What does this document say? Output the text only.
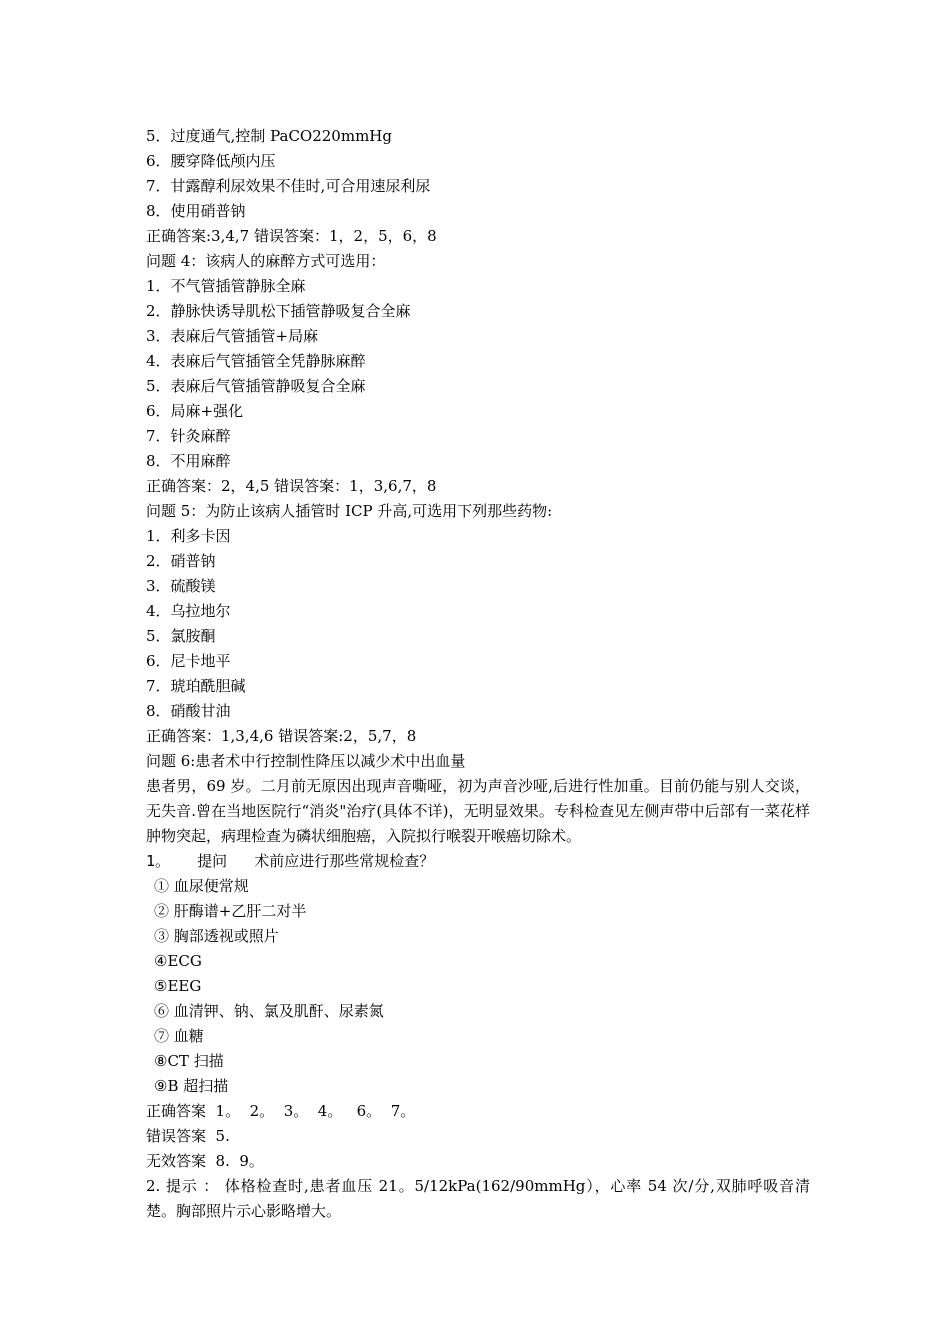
5．过度通气,控制 PaCO220mmHg
6．腰穿降低颅内压
7．甘露醇利尿效果不佳时,可合用速尿利尿
8．使用硝普钠
正确答案:3,4,7 错误答案：1，2，5，6，8
问题 4：该病人的麻醉方式可选用：
1．不气管插管静脉全麻
2．静脉快诱导肌松下插管静吸复合全麻
3．表麻后气管插管+局麻
4．表麻后气管插管全凭静脉麻醉
5．表麻后气管插管静吸复合全麻
6．局麻+强化
7．针灸麻醉
8．不用麻醉
正确答案：2，4,5 错误答案：1，3,6,7，8
问题 5：为防止该病人插管时 ICP 升高,可选用下列那些药物:
1．利多卡因
2．硝普钠
3．硫酸镁
4．乌拉地尔
5．氯胺酮
6．尼卡地平
7．琥珀酰胆碱
8．硝酸甘油
正确答案：1,3,4,6 错误答案:2，5,7，8
问题 6:患者术中行控制性降压以减少术中出血量
患者男，69 岁。二月前无原因出现声音嘶哑，初为声音沙哑,后进行性加重。目前仍能与别人交谈，无失音.曾在当地医院行“消炎"治疗(具体不详)，无明显效果。专科检查见左侧声带中后部有一菜花样肿物突起，病理检查为磷状细胞癌，入院拟行喉裂开喉癌切除术。
1。   提问   术前应进行那些常规检查？
① 血尿便常规
② 肝酶谱+乙肝二对半
③ 胸部透视或照片
④ECG
⑤EEG
⑥ 血清钾、钠、氯及肌酐、尿素氮
⑦ 血糖
⑧CT 扫描
⑨B 超扫描
正确答案  1。  2。  3。  4。   6。  7。
错误答案  5.
无效答案  8.  9。
2. 提示 ： 体格检查时,患者血压 21。5/12kPa(162/90mmHg），心率 54 次/分,双肺呼吸音清楚。胸部照片示心影略增大。
